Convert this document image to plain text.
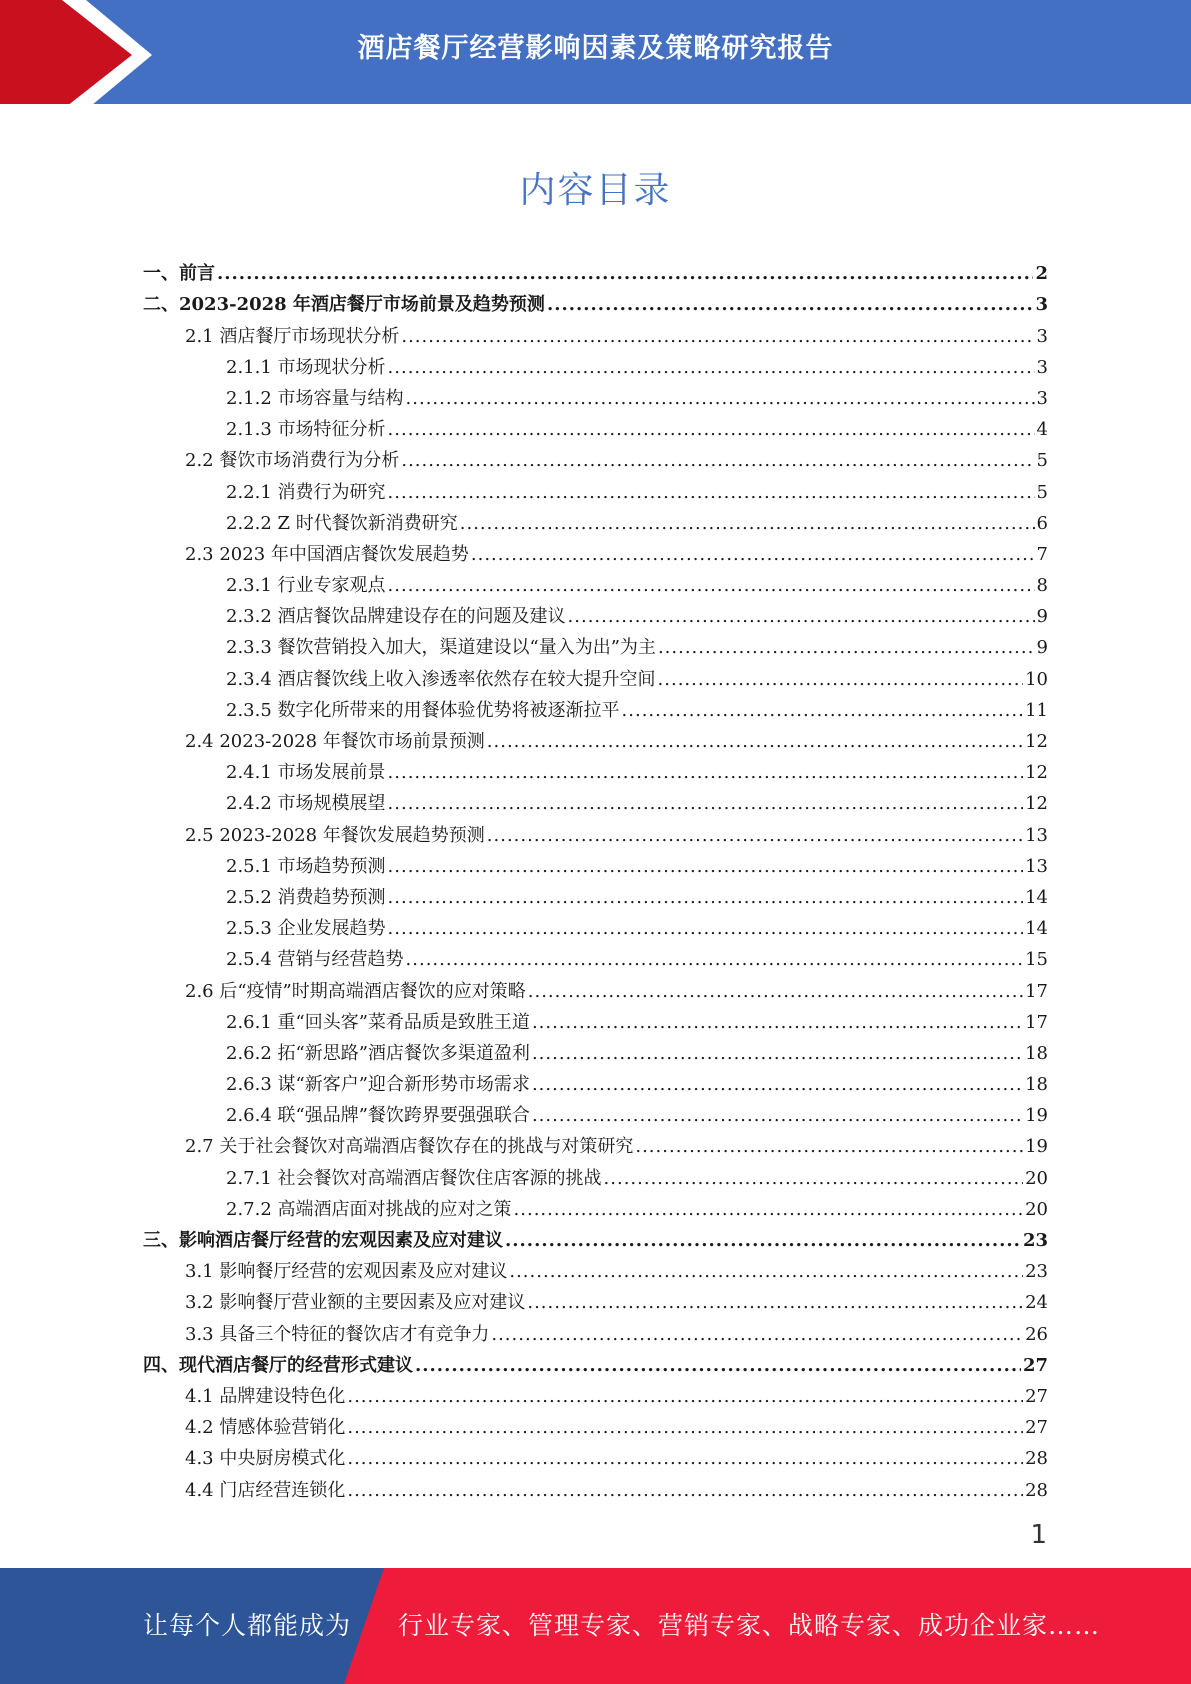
酒店餐厅经营影响因素及策略研究报告
内容目录
一、前言 .....	2
二、2023-2028 年酒店餐厅市场前景及趋势预测 .....	3
2.1 酒店餐厅市场现状分析 .....	3
2.1.1 市场现状分析 .....	3
2.1.2 市场容量与结构 .....	3
2.1.3 市场特征分析 .....	4
2.2 餐饮市场消费行为分析 .....	5
2.2.1 消费行为研究 .....	5
2.2.2 Z 时代餐饮新消费研究 .....	6
2.3 2023 年中国酒店餐饮发展趋势 .....	7
2.3.1 行业专家观点 .....	8
2.3.2 酒店餐饮品牌建设存在的问题及建议 .....	9
2.3.3 餐饮营销投入加大，渠道建设以“量入为出”为主 .....	9
2.3.4 酒店餐饮线上收入渗透率依然存在较大提升空间 .....	10
2.3.5 数字化所带来的用餐体验优势将被逐渐拉平 .....	11
2.4 2023-2028 年餐饮市场前景预测 .....	12
2.4.1 市场发展前景 .....	12
2.4.2 市场规模展望 .....	12
2.5 2023-2028 年餐饮发展趋势预测 .....	13
2.5.1 市场趋势预测 .....	13
2.5.2 消费趋势预测 .....	14
2.5.3 企业发展趋势 .....	14
2.5.4 营销与经营趋势 .....	15
2.6 后“疫情”时期高端酒店餐饮的应对策略 .....	17
2.6.1 重“回头客”菜肴品质是致胜王道 .....	17
2.6.2 拓“新思路”酒店餐饮多渠道盈利 .....	18
2.6.3 谋“新客户”迎合新形势市场需求 .....	18
2.6.4 联“强品牌”餐饮跨界要强强联合 .....	19
2.7 关于社会餐饮对高端酒店餐饮存在的挑战与对策研究 .....	19
2.7.1 社会餐饮对高端酒店餐饮住店客源的挑战 .....	20
2.7.2 高端酒店面对挑战的应对之策 .....	20
三、影响酒店餐厅经营的宏观因素及应对建议 .....	23
3.1 影响餐厅经营的宏观因素及应对建议 .....	23
3.2 影响餐厅营业额的主要因素及应对建议 .....	24
3.3 具备三个特征的餐饮店才有竞争力 .....	26
四、现代酒店餐厅的经营形式建议 .....	27
4.1 品牌建设特色化 .....	27
4.2 情感体验营销化 .....	27
4.3 中央厨房模式化 .....	28
4.4 门店经营连锁化 .....	28
1
让每个人都能成为 行业专家、管理专家、营销专家、战略专家、成功企业家……
